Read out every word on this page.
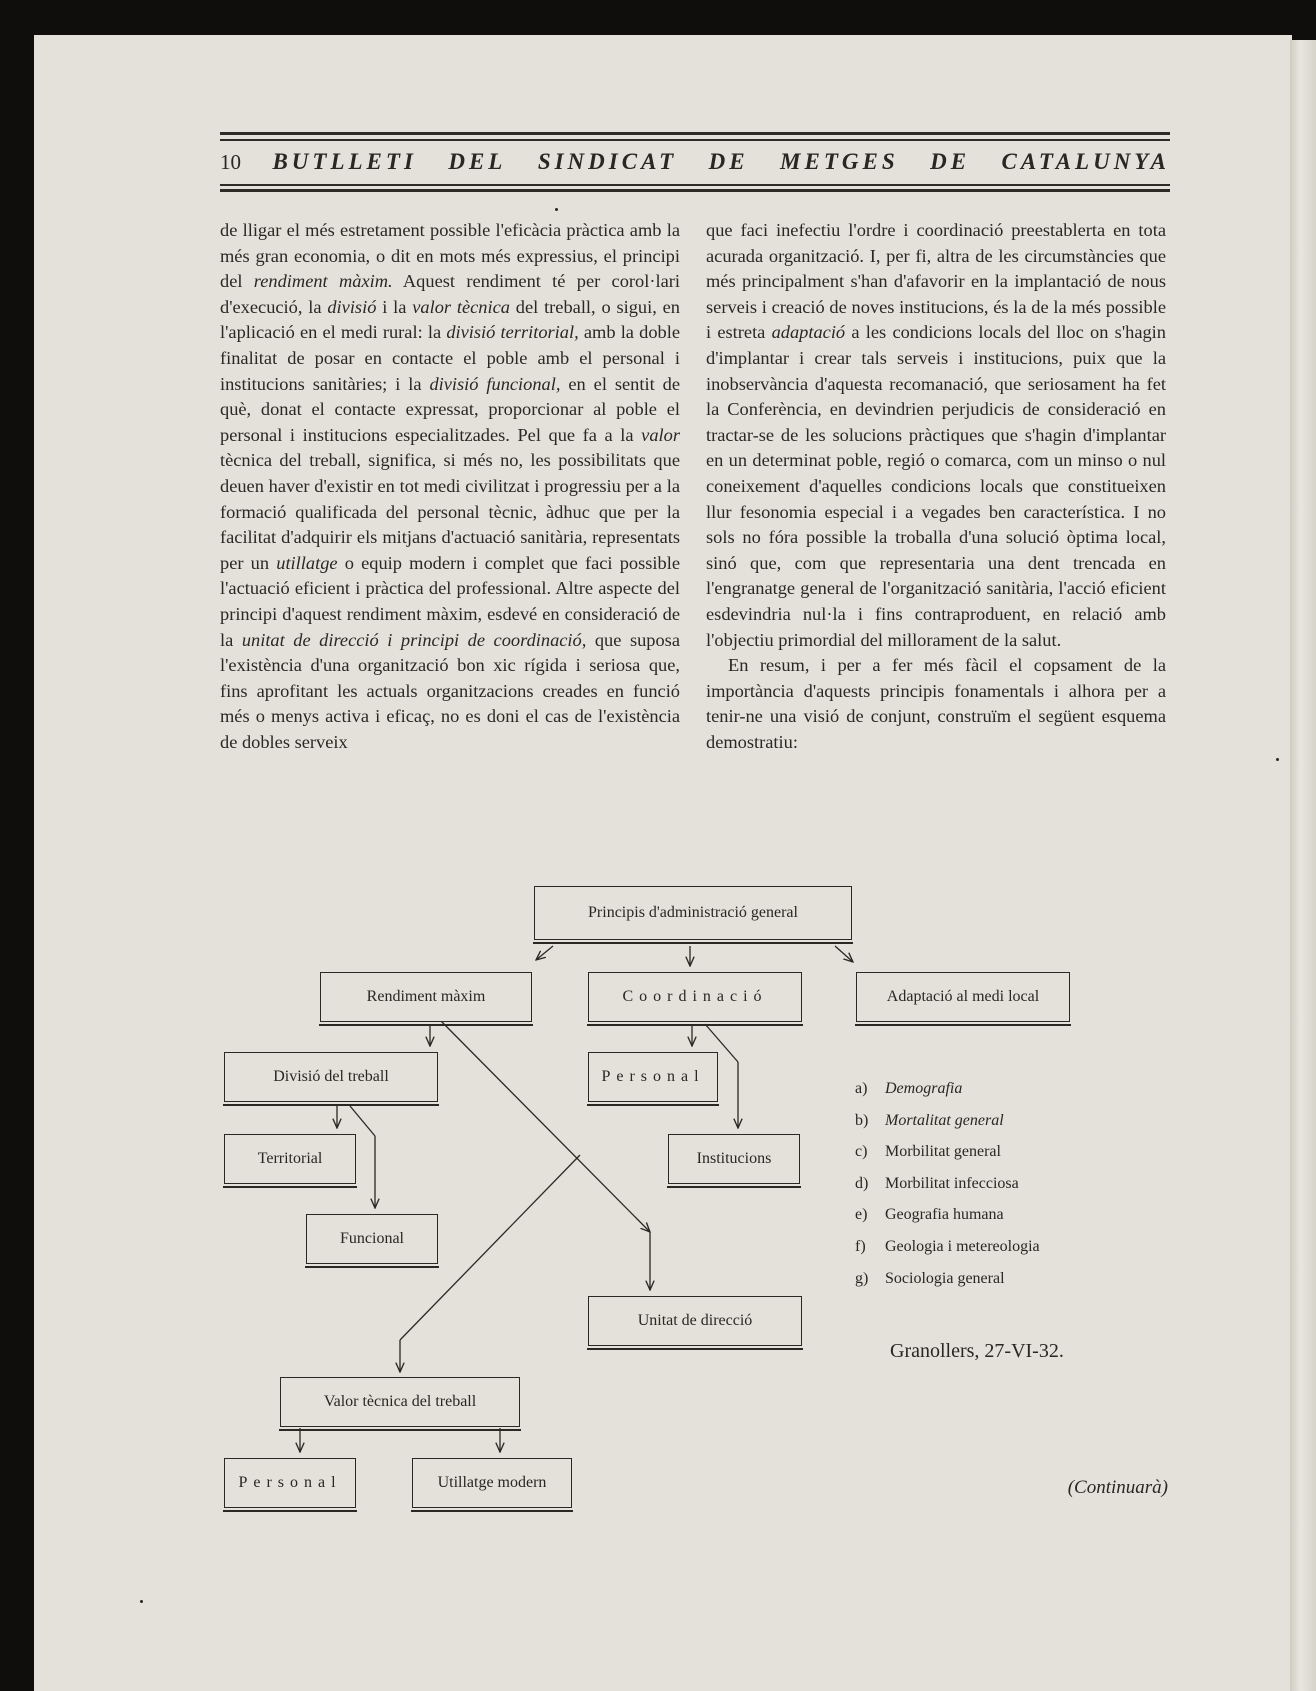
10 BUTLLETI DEL SINDICAT DE METGES DE CATALUNYA

de lligar el més estretament possible l'eficàcia pràctica amb la més gran economia, o dit en mots més expressius, el principi del rendiment màxim. Aquest rendiment té per corol·lari d'execució, la divisió i la valor tècnica del treball, o sigui, en l'aplicació en el medi rural: la divisió territorial, amb la doble finalitat de posar en contacte el poble amb el personal i institucions sanitàries; i la divisió funcional, en el sentit de què, donat el contacte expressat, proporcionar al poble el personal i institucions especialitzades. Pel que fa a la valor tècnica del treball, significa, si més no, les possibilitats que deuen haver d'existir en tot medi civilitzat i progressiu per a la formació qualificada del personal tècnic, àdhuc que per la facilitat d'adquirir els mitjans d'actuació sanitària, representats per un utillatge o equip modern i complet que faci possible l'actuació eficient i pràctica del professional. Altre aspecte del principi d'aquest rendiment màxim, esdevé en consideració de la unitat de direcció i principi de coordinació, que suposa l'existència d'una organització bon xic rígida i seriosa que, fins aprofitant les actuals organitzacions creades en funció més o menys activa i eficaç, no es doni el cas de l'existència de dobles serveix

que faci inefectiu l'ordre i coordinació preestablerta en tota acurada organització. I, per fi, altra de les circumstàncies que més principalment s'han d'afavorir en la implantació de nous serveis i creació de noves institucions, és la de la més possible i estreta adaptació a les condicions locals del lloc on s'hagin d'implantar i crear tals serveis i institucions, puix que la inobservància d'aquesta recomanació, que seriosament ha fet la Conferència, en devindrien perjudicis de consideració en tractar-se de les solucions pràctiques que s'hagin d'implantar en un determinat poble, regió o comarca, com un minso o nul coneixement d'aquelles condicions locals que constitueixen llur fesonomia especial i a vegades ben característica. I no sols no fóra possible la troballa d'una solució òptima local, sinó que, com que representaria una dent trencada en l'engranatge general de l'organització sanitària, l'acció eficient esdevindria nul·la i fins contraproduent, en relació amb l'objectiu primordial del millorament de la salut.

En resum, i per a fer més fàcil el copsament de la importància d'aquests principis fonamentals i alhora per a tenir-ne una visió de conjunt, construïm el següent esquema demostratiu:

Principis d'administració general
Rendiment màxim	Coordinació	Adaptació al medi local
Divisió del treball	Personal
Territorial	Institucions
Funcional
Unitat de direcció
Valor tècnica del treball
Personal	Utillatge modern
a)	Demografia
b)	Mortalitat general
c)	Morbilitat general
d)	Morbilitat infecciosa
e)	Geografia humana
f)	Geologia i metereologia
g)	Sociologia general
Granollers, 27-VI-32.
(Continuarà)
